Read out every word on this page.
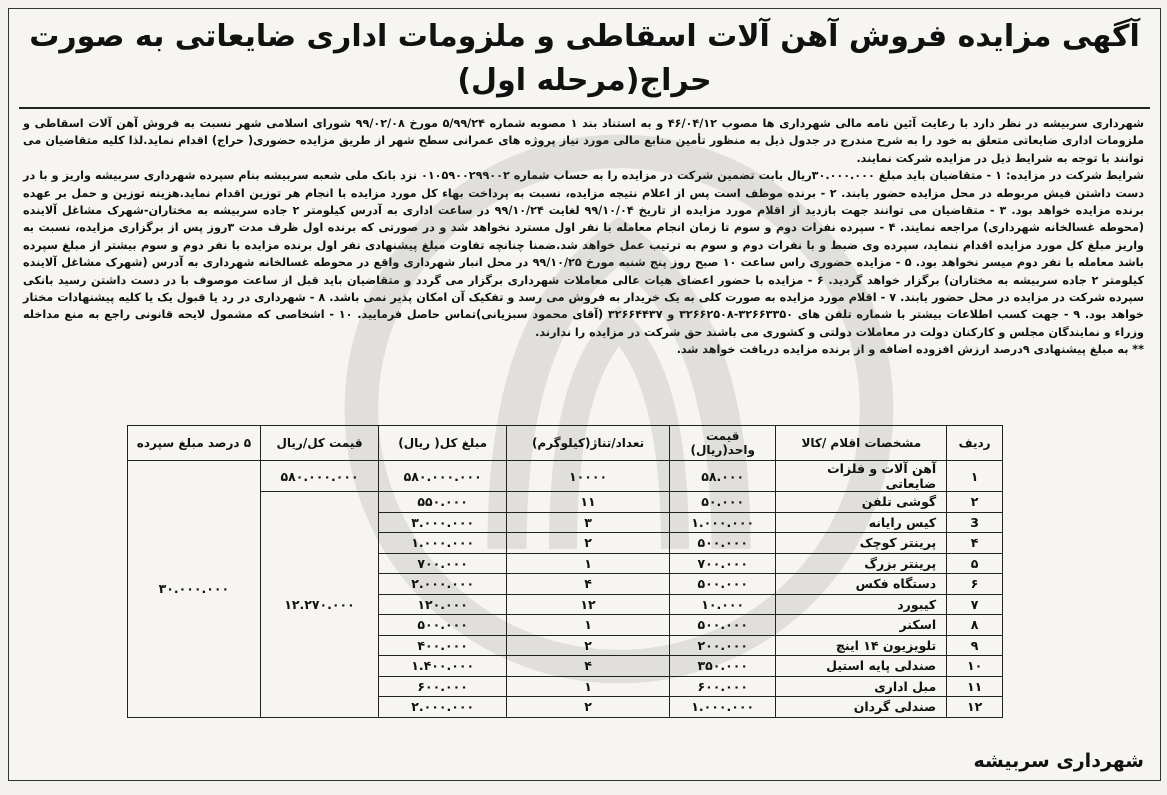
آگهی مزایده فروش آهن آلات اسقاطی و ملزومات اداری ضایعاتی به صورت حراج(مرحله اول)

شهرداری سربیشه در نظر دارد با رعایت آئین نامه مالی شهرداری ها مصوب ۴۶/۰۴/۱۲ و به استناد بند ۱ مصوبه شماره ۵/۹۹/۲۴ مورخ ۹۹/۰۲/۰۸ شورای اسلامی شهر نسبت به فروش آهن آلات اسقاطی و ملزومات اداری ضایعاتی متعلق به خود را به شرح مندرج در جدول ذیل به منظور تأمین منابع مالی مورد نیاز پروژه های عمرانی سطح شهر از طریق مزایده حضوری( حراج) اقدام نماید.لذا کلیه متقاضیان می توانند با توجه به شرایط ذیل در مزایده شرکت نمایند.

شرایط شرکت در مزایده: ۱ - متقاضیان باید مبلغ ۳۰.۰۰۰.۰۰۰ریال بابت تضمین شرکت در مزایده را به حساب شماره ۰۱۰۵۹۰۰۲۹۹۰۰۲ نزد بانک ملی شعبه سربیشه بنام سپرده شهرداری سربیشه واریز و با در دست داشتن فیش مربوطه در محل مزایده حضور یابند. ۲ - برنده موظف است پس از اعلام نتیجه مزایده، نسبت به پرداخت بهاء کل مورد مزایده با انجام هر توزین اقدام نماید.هزینه توزین و حمل بر عهده برنده مزایده خواهد بود. ۳ - متقاضیان می توانند جهت بازدید از اقلام مورد مزایده از تاریخ ۹۹/۱۰/۰۴ لغایت ۹۹/۱۰/۲۴ در ساعت اداری به آدرس کیلومتر ۲ جاده سربیشه به مختاران-شهرک مشاغل آلاینده (محوطه غسالخانه شهرداری) مراجعه نمایند. ۴ - سپرده نفرات دوم و سوم تا زمان انجام معامله با نفر اول مسترد نخواهد شد و در صورتی که برنده اول ظرف مدت ۳روز پس از برگزاری مزایده، نسبت به واریز مبلغ کل مورد مزایده اقدام ننماید، سپرده وی ضبط و با نفرات دوم و سوم به ترتیب عمل خواهد شد.ضمنا چنانچه تفاوت مبلغ پیشنهادی نفر اول برنده مزایده با نفر دوم و سوم بیشتر از مبلغ سپرده باشد معامله با نفر دوم میسر نخواهد بود. ۵ - مزایده حضوری راس ساعت ۱۰ صبح روز پنج شنبه مورخ ۹۹/۱۰/۲۵ در محل انبار شهرداری واقع در محوطه غسالخانه شهرداری به آدرس (شهرک مشاغل آلاینده کیلومتر ۲ جاده سربیشه به مختاران) برگزار خواهد گردید. ۶ - مزایده با حضور اعضای هیات عالی معاملات شهرداری برگزار می گردد و متقاضیان باید قبل از ساعت موصوف با در دست داشتن رسید بانکی سپرده شرکت در مزایده در محل حضور یابند. ۷ - اقلام مورد مزایده به صورت کلی به یک خریدار به فروش می رسد و تفکیک آن امکان پذیر نمی باشد. ۸ - شهرداری در رد یا قبول یک یا کلیه پیشنهادات مختار خواهد بود. ۹ - جهت کسب اطلاعات بیشتر با شماره تلفن های ۳۲۶۶۳۳۵۰-۳۲۶۶۲۵۰۸ و ۳۲۶۶۴۴۳۷ (آقای محمود سبزیانی)تماس حاصل فرمایید. ۱۰ - اشخاصی که مشمول لایحه قانونی راجع به منع مداخله وزراء و نمایندگان مجلس و کارکنان دولت در معاملات دولتی و کشوری می باشند حق شرکت در مزایده را ندارند.

** به مبلغ پیشنهادی ۹درصد ارزش افزوده اضافه و از برنده مزایده دریافت خواهد شد.
ردیف	مشخصات اقلام /کالا	قیمت واحد(ریال)	تعداد/تناژ(کیلوگرم)	مبلغ کل( ریال)	قیمت کل/ریال	۵ درصد مبلغ سپرده
۱	آهن آلات و فلزات ضایعاتی	۵۸.۰۰۰	۱۰۰۰۰	۵۸۰.۰۰۰.۰۰۰	۵۸۰.۰۰۰.۰۰۰	۳۰.۰۰۰.۰۰۰
۲	گوشی تلفن	۵۰.۰۰۰	۱۱	۵۵۰.۰۰۰	۱۲.۲۷۰.۰۰۰	
3	کیس رایانه	۱.۰۰۰.۰۰۰	۳	۳.۰۰۰.۰۰۰		
۴	پرینتر کوچک	۵۰۰.۰۰۰	۲	۱.۰۰۰.۰۰۰		
۵	پرینتر بزرگ	۷۰۰.۰۰۰	۱	۷۰۰.۰۰۰		
۶	دستگاه فکس	۵۰۰.۰۰۰	۴	۲.۰۰۰.۰۰۰		
۷	کیبورد	۱۰.۰۰۰	۱۲	۱۲۰.۰۰۰		
۸	اسکنر	۵۰۰.۰۰۰	۱	۵۰۰.۰۰۰		
۹	تلویزیون ۱۴ اینچ	۲۰۰.۰۰۰	۲	۴۰۰.۰۰۰		
۱۰	صندلی پایه استیل	۳۵۰.۰۰۰	۴	۱.۴۰۰.۰۰۰		
۱۱	مبل اداری	۶۰۰.۰۰۰	۱	۶۰۰.۰۰۰		
۱۲	صندلی گردان	۱.۰۰۰.۰۰۰	۲	۲.۰۰۰.۰۰۰		
شهرداری سربیشه
